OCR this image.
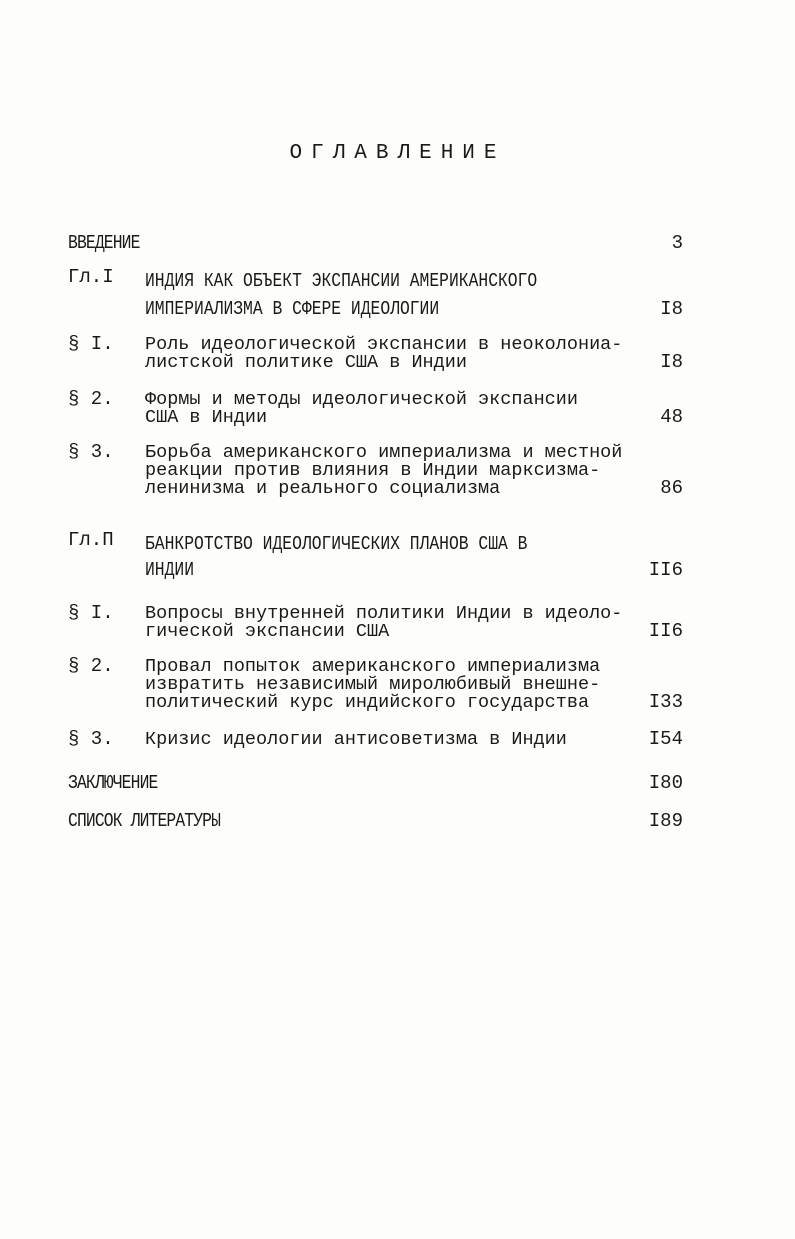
ОГЛАВЛЕНИЕ
ВВЕДЕНИЕ	3
Гл.I ИНДИЯ КАК ОБЪЕКТ ЭКСПАНСИИ АМЕРИКАНСКОГО
ИМПЕРИАЛИЗМА В СФЕРЕ ИДЕОЛОГИИ	I8
§ I. Роль идеологической экспансии в неоколониа-
листской политике США в Индии	I8
§ 2. Формы и методы идеологической экспансии
США в Индии	48
§ 3. Борьба американского империализма и местной
реакции против влияния в Индии марксизма-
ленинизма и реального социализма	86
Гл.П БАНКРОТСТВО ИДЕОЛОГИЧЕСКИХ ПЛАНОВ США В
ИНДИИ	II6
§ I. Вопросы внутренней политики Индии в идеоло-
гической экспансии США	II6
§ 2. Провал попыток американского империализма
извратить независимый миролюбивый внешне-
политический курс индийского государства	I33
§ 3. Кризис идеологии антисоветизма в Индии	I54
ЗАКЛЮЧЕНИЕ	I80
СПИСОК ЛИТЕРАТУРЫ	I89
